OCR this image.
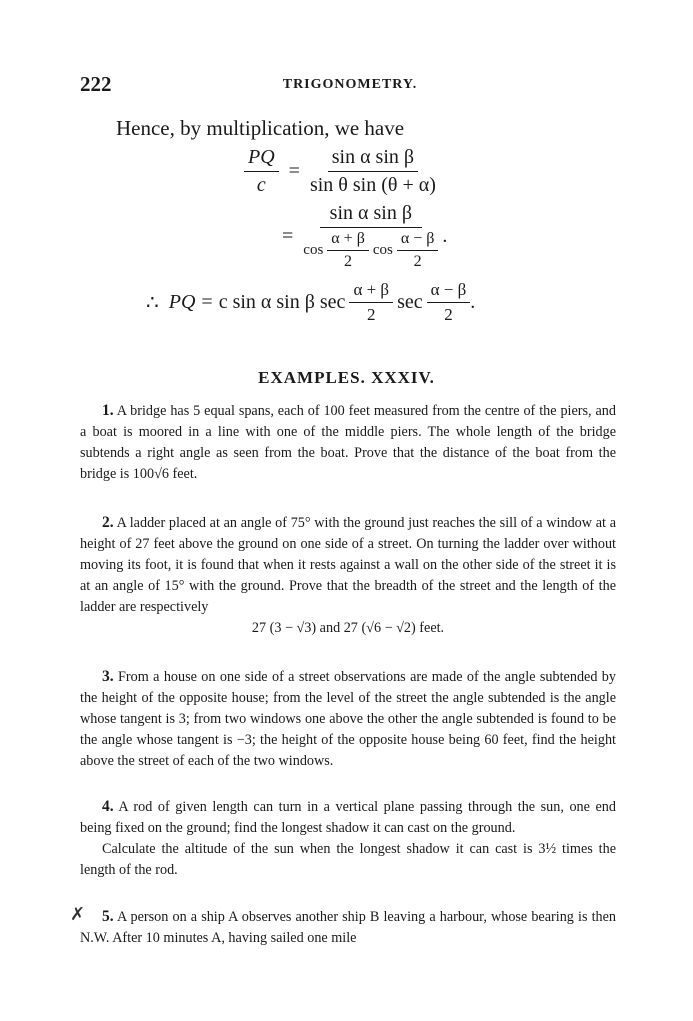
222	TRIGONOMETRY.
Hence, by multiplication, we have
$\frac{PQ}{c} = \frac{\text{sin α sin β}}{\text{sin θ sin (θ + α)}}$
=
sin α sin β
$\cos \frac{\alpha + \beta}{2}$ $\cos \frac{\alpha - \beta}{2}$ .
∴ PQ = c sin α sin β $\sec \frac{\alpha + \beta}{2}$ $\sec \frac{\alpha - \beta}{2}$ .
EXAMPLES. XXXIV.

1. A bridge has 5 equal spans, each of 100 feet measured from the centre of the piers, and a boat is moored in a line with one of the middle piers. The whole length of the bridge subtends a right angle as seen from the boat. Prove that the distance of the boat from the bridge is 100√6 feet.

2. A ladder placed at an angle of 75° with the ground just reaches the sill of a window at a height of 27 feet above the ground on one side of a street. On turning the ladder over without moving its foot, it is found that when it rests against a wall on the other side of the street it is at an angle of 15° with the ground. Prove that the breadth of the street and the length of the ladder are respectively

27 (3 − √3) and 27 (√6 − √2) feet.

3. From a house on one side of a street observations are made of the angle subtended by the height of the opposite house; from the level of the street the angle subtended is the angle whose tangent is 3; from two windows one above the other the angle subtended is found to be the angle whose tangent is −3; the height of the opposite house being 60 feet, find the height above the street of each of the two windows.

4. A rod of given length can turn in a vertical plane passing through the sun, one end being fixed on the ground; find the longest shadow it can cast on the ground.

Calculate the altitude of the sun when the longest shadow it can cast is 3½ times the length of the rod.

✗	5. A person on a ship A observes another ship B leaving a harbour, whose bearing is then N.W. After 10 minutes A, having sailed one mile
